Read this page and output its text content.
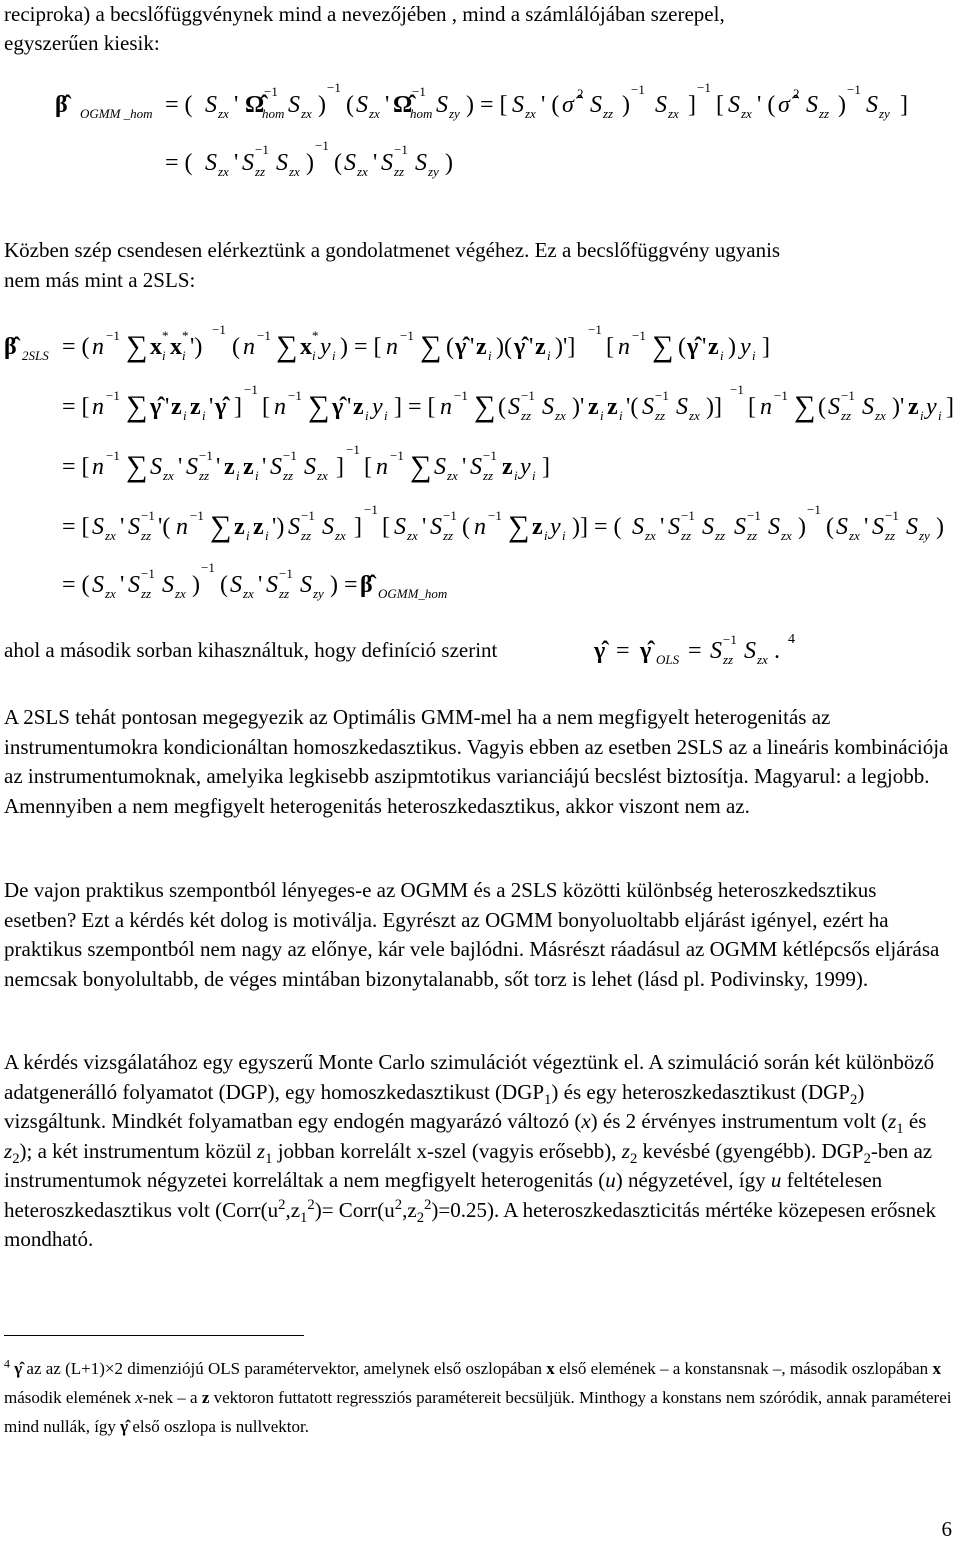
reciproka) a becslőfüggvénynek mind a nevezőjében , mind a számlálójában szerepel,
egyszerűen kiesik:
β̂ OGMM _hom = ( S zx ' Ω̂
−1
hom S zx )
−1
( S zx ' Ω̂
−1
hom S zy ) = [ S zx ' ( σ̂ 2 S zz )
−1
S zx ]
−1
[ S zx ' ( σ̂ 2 S zz )
−1
S zy ]
= ( S zx ' S
−1
zz S zx )
−1
( S zx ' S
−1
zz S zy )
β̂ 2SLS = ( n −1 ∑ x *
i x *
i ')
−1
( n −1 ∑ x *
i y i ) = [ n −1 ∑ ( γ̂ ' z i )( γ̂ ' z i )']
−1
[ n −1 ∑ ( γ̂ ' z i ) y i ]
= [ n −1 ∑ γ̂ ' z i z i ' γ̂ ]
−1
[ n −1 ∑ γ̂ ' z i y i ] = [ n −1 ∑ ( S −1
zz S zx )' z i z i '( S −1
zz S zx )]
−1
[ n −1 ∑ ( S −1
zz S zx )' z i y i ]
= [ n −1 ∑ S zx ' S −1
zz ' z i z i ' S −1
zz S zx ]
−1
[ n −1 ∑ S zx ' S −1
zz z i y i ]
= [ S zx ' S −1
zz '( n −1 ∑ z i z i ') S −1
zz S zx ]
−1
[ S zx ' S −1
zz ( n −1 ∑ z i y i )] = ( S zx ' S −1
zz S zz S −1
zz S zx )
−1
( S zx ' S −1
zz S zy )
= ( S zx ' S −1
zz S zx )
−1
( S zx ' S −1
zz S zy ) = β̂ OGMM_hom
Közben szép csendesen elérkeztünk a gondolatmenet végéhez. Ez a becslőfüggvény ugyanis
nem más mint a 2SLS:
ahol a második sorban kihasználtuk, hogy definíció szerint	γ̂ = γ̂ OLS = S −1
zz S zx . 4
A 2SLS tehát pontosan megegyezik az Optimális GMM-mel ha a nem megfigyelt heterogenitás az instrumentumokra kondicionáltan homoszkedasztikus. Vagyis ebben az esetben 2SLS az a lineáris kombinációja az instrumentumoknak, amelyika legkisebb aszipmtotikus varianciájú becslést biztosítja. Magyarul: a legjobb. Amennyiben a nem megfigyelt heterogenitás heteroszkedasztikus, akkor viszont nem az.
De vajon praktikus szempontból lényeges-e az OGMM és a 2SLS közötti különbség heteroszkedsztikus esetben? Ezt a kérdés két dolog is motiválja. Egyrészt az OGMM bonyoluoltabb eljárást igényel, ezért ha praktikus szempontból nem nagy az előnye, kár vele bajlódni. Másrészt ráadásul az OGMM kétlépcsős eljárása nemcsak bonyolultabb, de véges mintában bizonytalanabb, sőt torz is lehet (lásd pl. Podivinsky, 1999).
A kérdés vizsgálatához egy egyszerű Monte Carlo szimulációt végeztünk el. A szimuláció során két különböző adatgenerálló folyamatot (DGP), egy homoszkedasztikust $(DGP_1)$ és egy heteroszkedasztikust $(DGP_2)$ vizsgáltunk. Mindkét folyamatban egy endogén magyarázó változó (x) és 2 érvényes instrumentum volt ($z_1$ és $z_2$); a két instrumentum közül $z_1$ jobban korrelált x-szel (vagyis erősebb), $z_2$ kevésbé (gyengébb). $DGP_2$-ben az instrumentumok négyzetei korreláltak a nem megfigyelt heterogenitás (u) négyzetével, így u feltételesen heteroszkedasztikus volt ($Corr(u^2,z_1^2)=$ $Corr(u^2,z_2^2)=0.25$). A heteroszkedaszticitás mértéke közepesen erősnek mondható.
$^4$ γ̂ az az (L+1)×2 dimenziójú OLS paramétervektor, amelynek első oszlopában x első elemének – a konstansnak –, második oszlopában x második elemének x-nek – a z vektoron futtatott regressziós paramétereit becsüljük. Minthogy a konstans nem szóródik, annak paraméterei mind nullák, így γ̂ első oszlopa is nullvektor.
6
